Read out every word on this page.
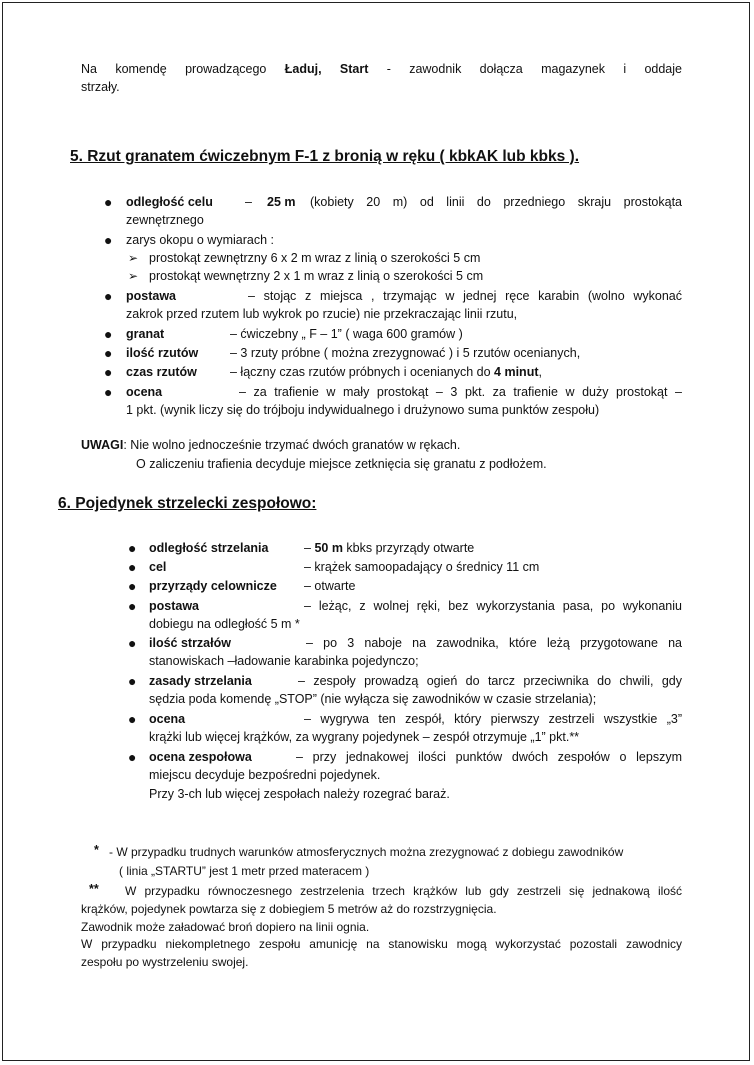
Na komendę prowadzącego Ładuj, Start - zawodnik dołącza magazynek i oddaje
strzały.
5. Rzut granatem ćwiczebnym F-1 z bronią w ręku ( kbkAK lub kbks ).
● odległość celu	– 25 m (kobiety 20 m) od linii do przedniego skraju prostokąta
zewnętrznego
● zarys okopu o wymiarach :
➢ prostokąt zewnętrzny 6 x 2 m wraz z linią o szerokości 5 cm
➢ prostokąt wewnętrzny 2 x 1 m wraz z linią o szerokości 5 cm
● postawa	– stojąc z miejsca , trzymając w jednej ręce karabin (wolno wykonać
zakrok przed rzutem lub wykrok po rzucie) nie przekraczając linii rzutu,
● granat	– ćwiczebny „ F – 1” ( waga 600 gramów )
● ilość rzutów	– 3 rzuty próbne ( można zrezygnować ) i 5 rzutów ocenianych,
● czas rzutów	– łączny czas rzutów próbnych i ocenianych do 4 minut,
● ocena	– za trafienie w mały prostokąt – 3 pkt. za trafienie w duży prostokąt –
1 pkt. (wynik liczy się do trójboju indywidualnego i drużynowo suma punktów zespołu)
UWAGI: Nie wolno jednocześnie trzymać dwóch granatów w rękach.
O zaliczeniu trafienia decyduje miejsce zetknięcia się granatu z podłożem.
6. Pojedynek strzelecki zespołowo:
● odległość strzelania	– 50 m kbks przyrządy otwarte
● cel	– krążek samoopadający o średnicy 11 cm
● przyrządy celownicze – otwarte
● postawa	– leżąc, z wolnej ręki, bez wykorzystania pasa, po wykonaniu
dobiegu na odległość 5 m *
● ilość strzałów	– po 3 naboje na zawodnika, które leżą przygotowane na
stanowiskach –ładowanie karabinka pojedynczo;
● zasady strzelania	– zespoły prowadzą ogień do tarcz przeciwnika do chwili, gdy
sędzia poda komendę „STOP” (nie wyłącza się zawodników w czasie strzelania);
● ocena	– wygrywa ten zespół, który pierwszy zestrzeli wszystkie „3”
krążki lub więcej krążków, za wygrany pojedynek – zespół otrzymuje „1” pkt.**
● ocena zespołowa	– przy jednakowej ilości punktów dwóch zespołów o lepszym
miejscu decyduje bezpośredni pojedynek.
Przy 3-ch lub więcej zespołach należy rozegrać baraż.
* - W przypadku trudnych warunków atmosferycznych można zrezygnować z dobiegu zawodników
( linia „STARTU” jest 1 metr przed materacem )
** W przypadku równoczesnego zestrzelenia trzech krążków lub gdy zestrzeli się jednakową ilość
krążków, pojedynek powtarza się z dobiegiem 5 metrów aż do rozstrzygnięcia.
Zawodnik może załadować broń dopiero na linii ognia.
W przypadku niekompletnego zespołu amunicję na stanowisku mogą wykorzystać pozostali zawodnicy
zespołu po wystrzeleniu swojej.
